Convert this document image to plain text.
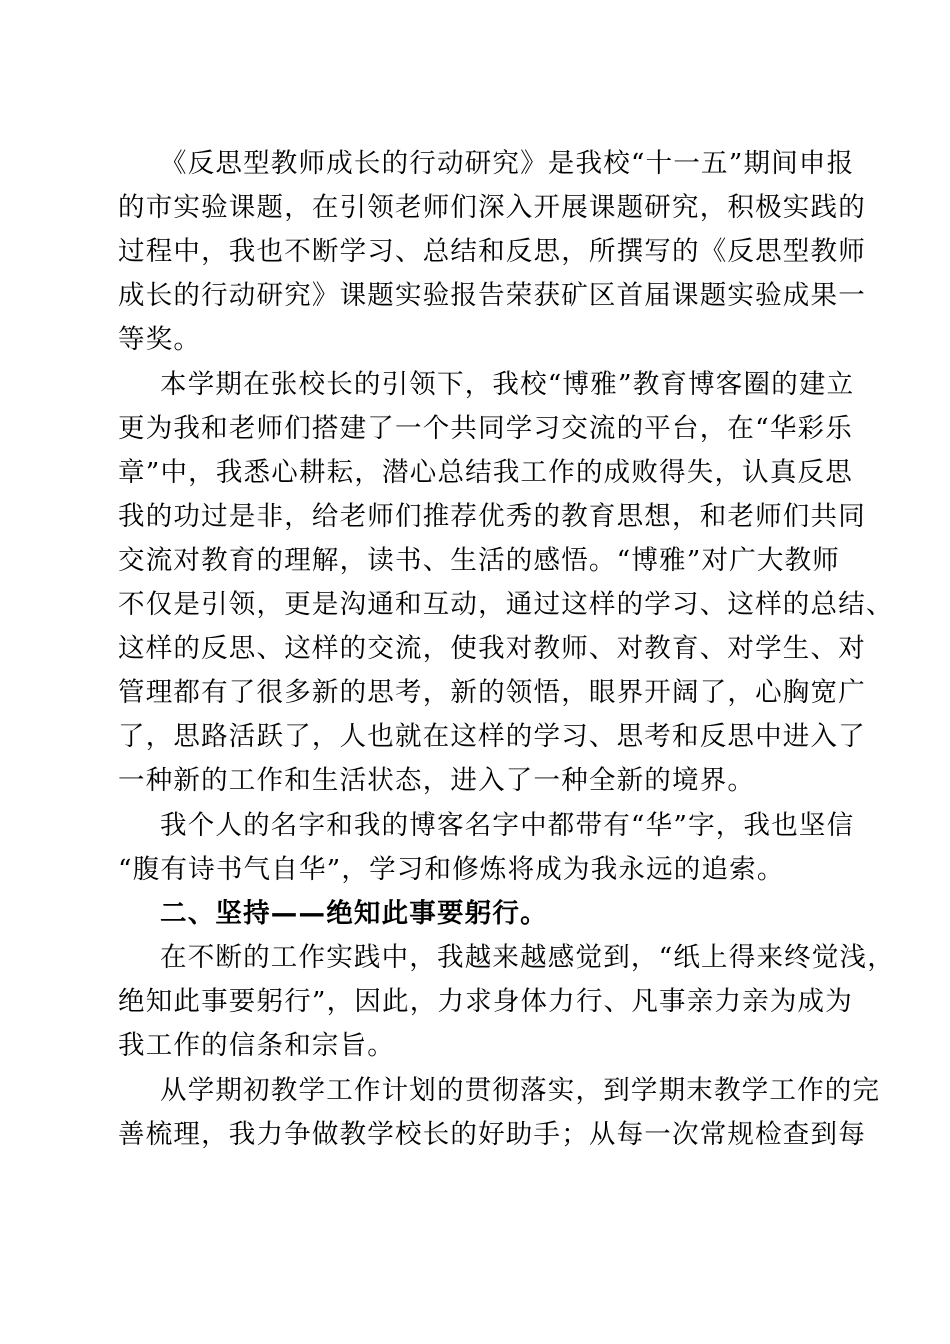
《反思型教师成长的行动研究》是我校“十一五”期间申报
的市实验课题，在引领老师们深入开展课题研究，积极实践的
过程中，我也不断学习、总结和反思，所撰写的《反思型教师
成长的行动研究》课题实验报告荣获矿区首届课题实验成果一
等奖。
本学期在张校长的引领下，我校“博雅”教育博客圈的建立
更为我和老师们搭建了一个共同学习交流的平台，在“华彩乐
章”中，我悉心耕耘，潜心总结我工作的成败得失，认真反思
我的功过是非，给老师们推荐优秀的教育思想，和老师们共同
交流对教育的理解，读书、生活的感悟。“博雅”对广大教师
不仅是引领，更是沟通和互动，通过这样的学习、这样的总结、
这样的反思、这样的交流，使我对教师、对教育、对学生、对
管理都有了很多新的思考，新的领悟，眼界开阔了，心胸宽广
了，思路活跃了，人也就在这样的学习、思考和反思中进入了
一种新的工作和生活状态，进入了一种全新的境界。
我个人的名字和我的博客名字中都带有“华”字，我也坚信
“腹有诗书气自华”，学习和修炼将成为我永远的追索。
二、坚持——绝知此事要躬行。
在不断的工作实践中，我越来越感觉到，“纸上得来终觉浅，
绝知此事要躬行”，因此，力求身体力行、凡事亲力亲为成为
我工作的信条和宗旨。
从学期初教学工作计划的贯彻落实，到学期末教学工作的完
善梳理，我力争做教学校长的好助手；从每一次常规检查到每
